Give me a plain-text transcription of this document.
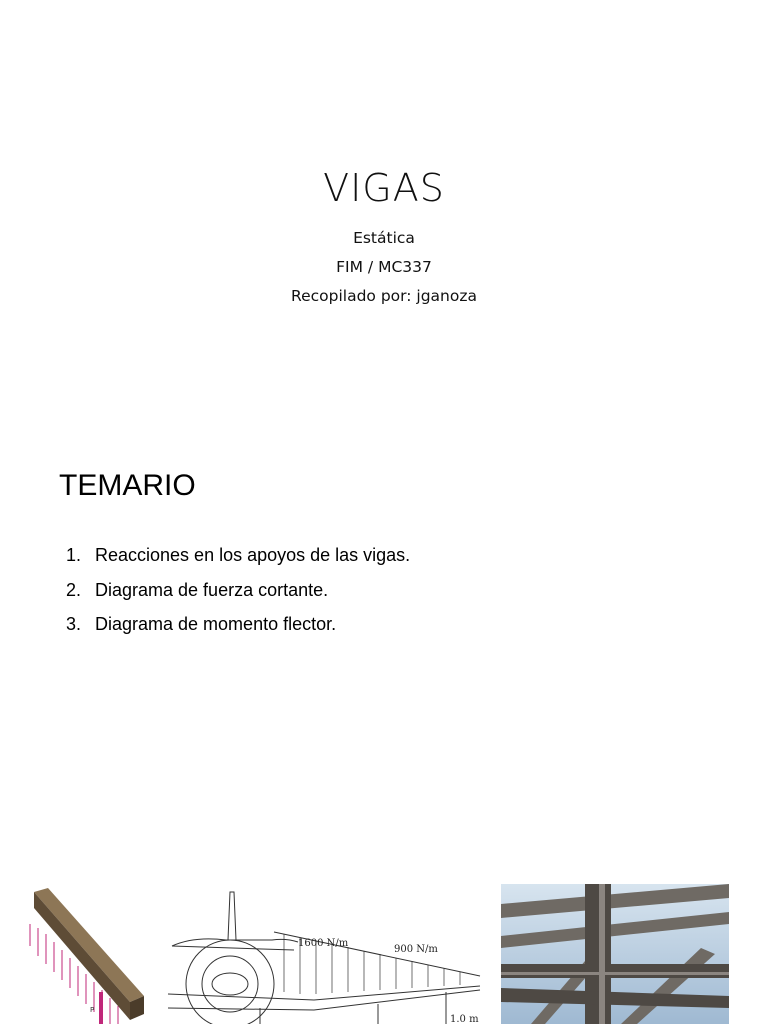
VIGAS
Estática
FIM / MC337
Recopilado por: jganoza
TEMARIO
1. Reacciones en los apoyos de las vigas.
2. Diagrama de fuerza cortante.
3. Diagrama de momento flector.
P
1600 N/m
900 N/m
1.0 m
